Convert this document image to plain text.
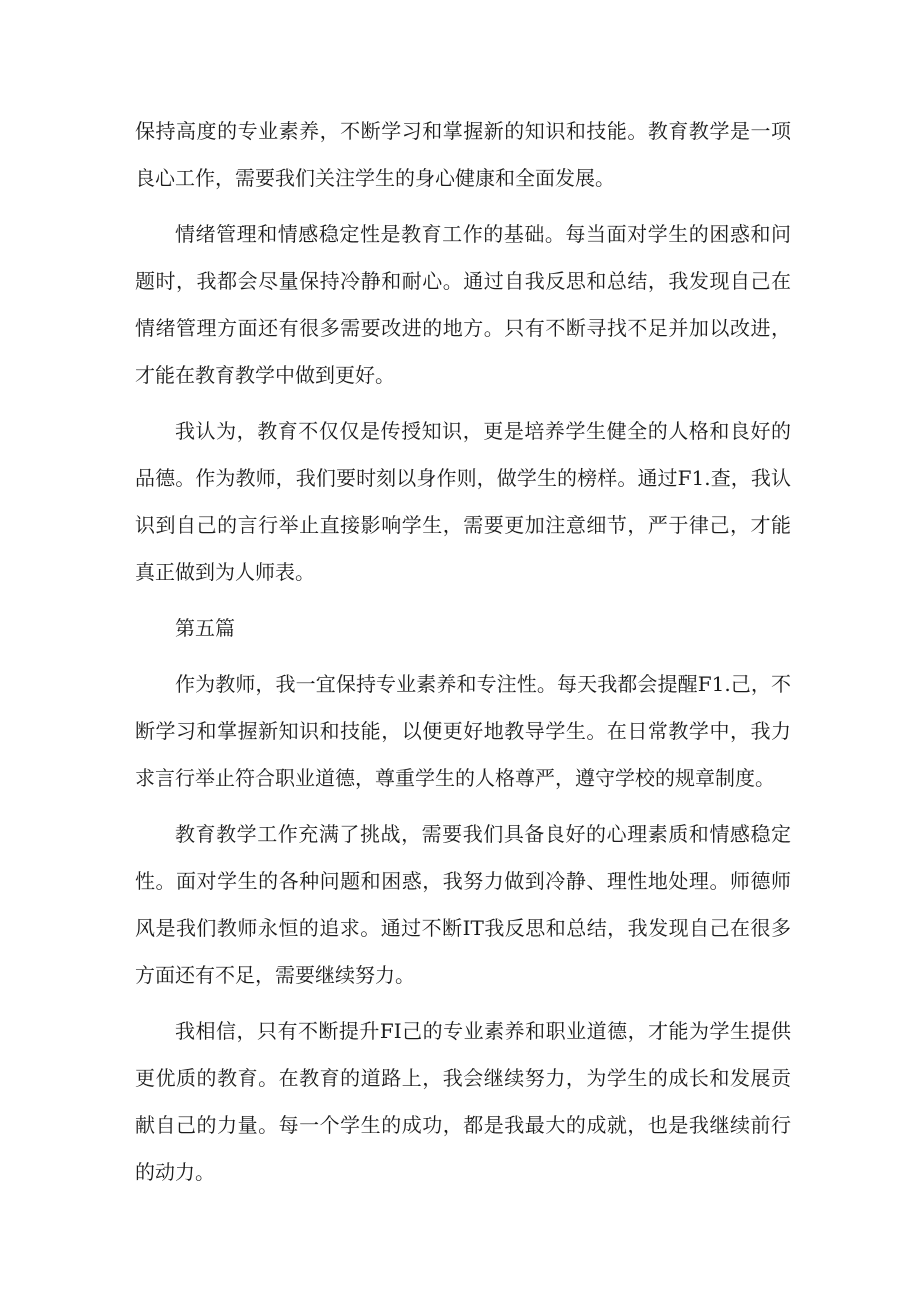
保持高度的专业素养，不断学习和掌握新的知识和技能。教育教学是一项良心工作，需要我们关注学生的身心健康和全面发展。

情绪管理和情感稳定性是教育工作的基础。每当面对学生的困惑和问题时，我都会尽量保持冷静和耐心。通过自我反思和总结，我发现自己在情绪管理方面还有很多需要改进的地方。只有不断寻找不足并加以改进，才能在教育教学中做到更好。

我认为，教育不仅仅是传授知识，更是培养学生健全的人格和良好的品德。作为教师，我们要时刻以身作则，做学生的榜样。通过F1.查，我认识到自己的言行举止直接影响学生，需要更加注意细节，严于律己，才能真正做到为人师表。

第五篇

作为教师，我一宜保持专业素养和专注性。每天我都会提醒F1.己，不断学习和掌握新知识和技能，以便更好地教导学生。在日常教学中，我力求言行举止符合职业道德，尊重学生的人格尊严，遵守学校的规章制度。

教育教学工作充满了挑战，需要我们具备良好的心理素质和情感稳定性。面对学生的各种问题和困惑，我努力做到冷静、理性地处理。师德师风是我们教师永恒的追求。通过不断IT我反思和总结，我发现自己在很多方面还有不足，需要继续努力。

我相信，只有不断提升FI己的专业素养和职业道德，才能为学生提供更优质的教育。在教育的道路上，我会继续努力，为学生的成长和发展贡献自己的力量。每一个学生的成功，都是我最大的成就，也是我继续前行的动力。
